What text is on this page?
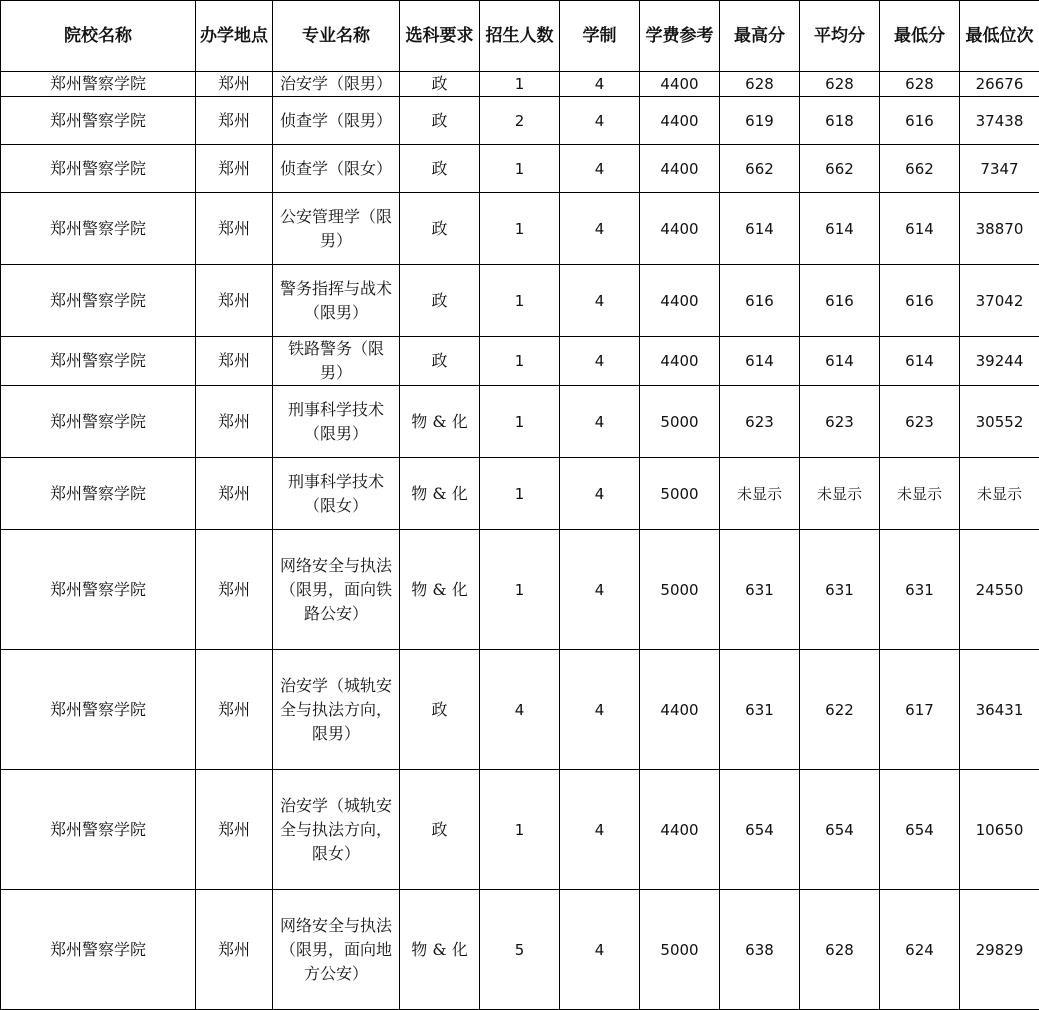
院校名称	办学地点	专业名称	选科要求	招生人数	学制	学费参考	最高分	平均分	最低分	最低位次
郑州警察学院	郑州	治安学（限男）	政	1	4	4400	628	628	628	26676
郑州警察学院	郑州	侦查学（限男）	政	2	4	4400	619	618	616	37438
郑州警察学院	郑州	侦查学（限女）	政	1	4	4400	662	662	662	7347
郑州警察学院	郑州	公安管理学（限男）	政	1	4	4400	614	614	614	38870
郑州警察学院	郑州	警务指挥与战术（限男）	政	1	4	4400	616	616	616	37042
郑州警察学院	郑州	铁路警务（限男）	政	1	4	4400	614	614	614	39244
郑州警察学院	郑州	刑事科学技术（限男）	物 & 化	1	4	5000	623	623	623	30552
郑州警察学院	郑州	刑事科学技术（限女）	物 & 化	1	4	5000	未显示	未显示	未显示	未显示
郑州警察学院	郑州	网络安全与执法（限男，面向铁路公安）	物 & 化	1	4	5000	631	631	631	24550
郑州警察学院	郑州	治安学（城轨安全与执法方向，限男）	政	4	4	4400	631	622	617	36431
郑州警察学院	郑州	治安学（城轨安全与执法方向，限女）	政	1	4	4400	654	654	654	10650
郑州警察学院	郑州	网络安全与执法（限男，面向地方公安）	物 & 化	5	4	5000	638	628	624	29829
